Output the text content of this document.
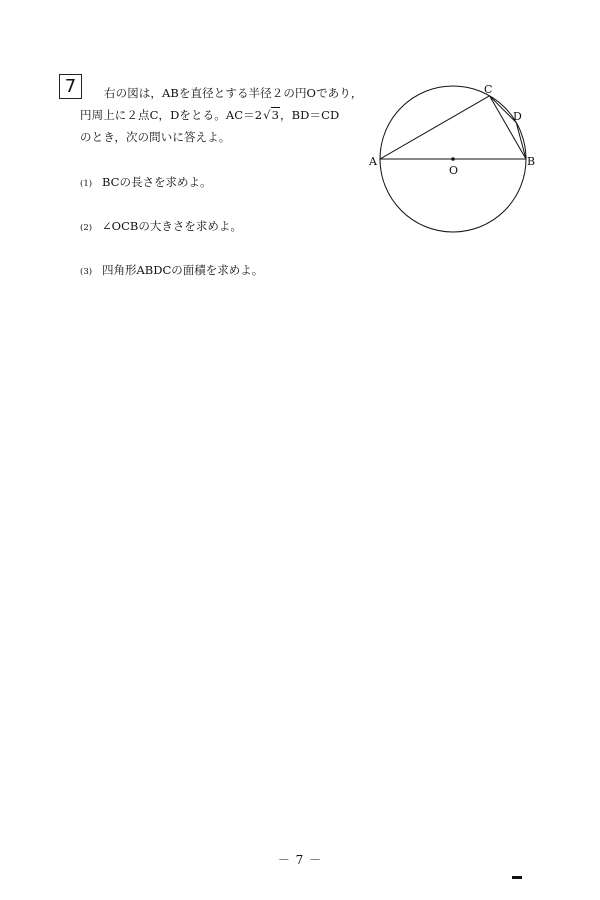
7	右の図は，ABを直径とする半径２の円Oであり，
円周上に２点C，Dをとる。AC＝2√3，BD＝CD
のとき，次の問いに答えよ。
(1) BCの長さを求めよ。
(2) ∠OCBの大きさを求めよ。
(3) 四角形ABDCの面積を求めよ。
A	B
C
D
O
－ 7 －
